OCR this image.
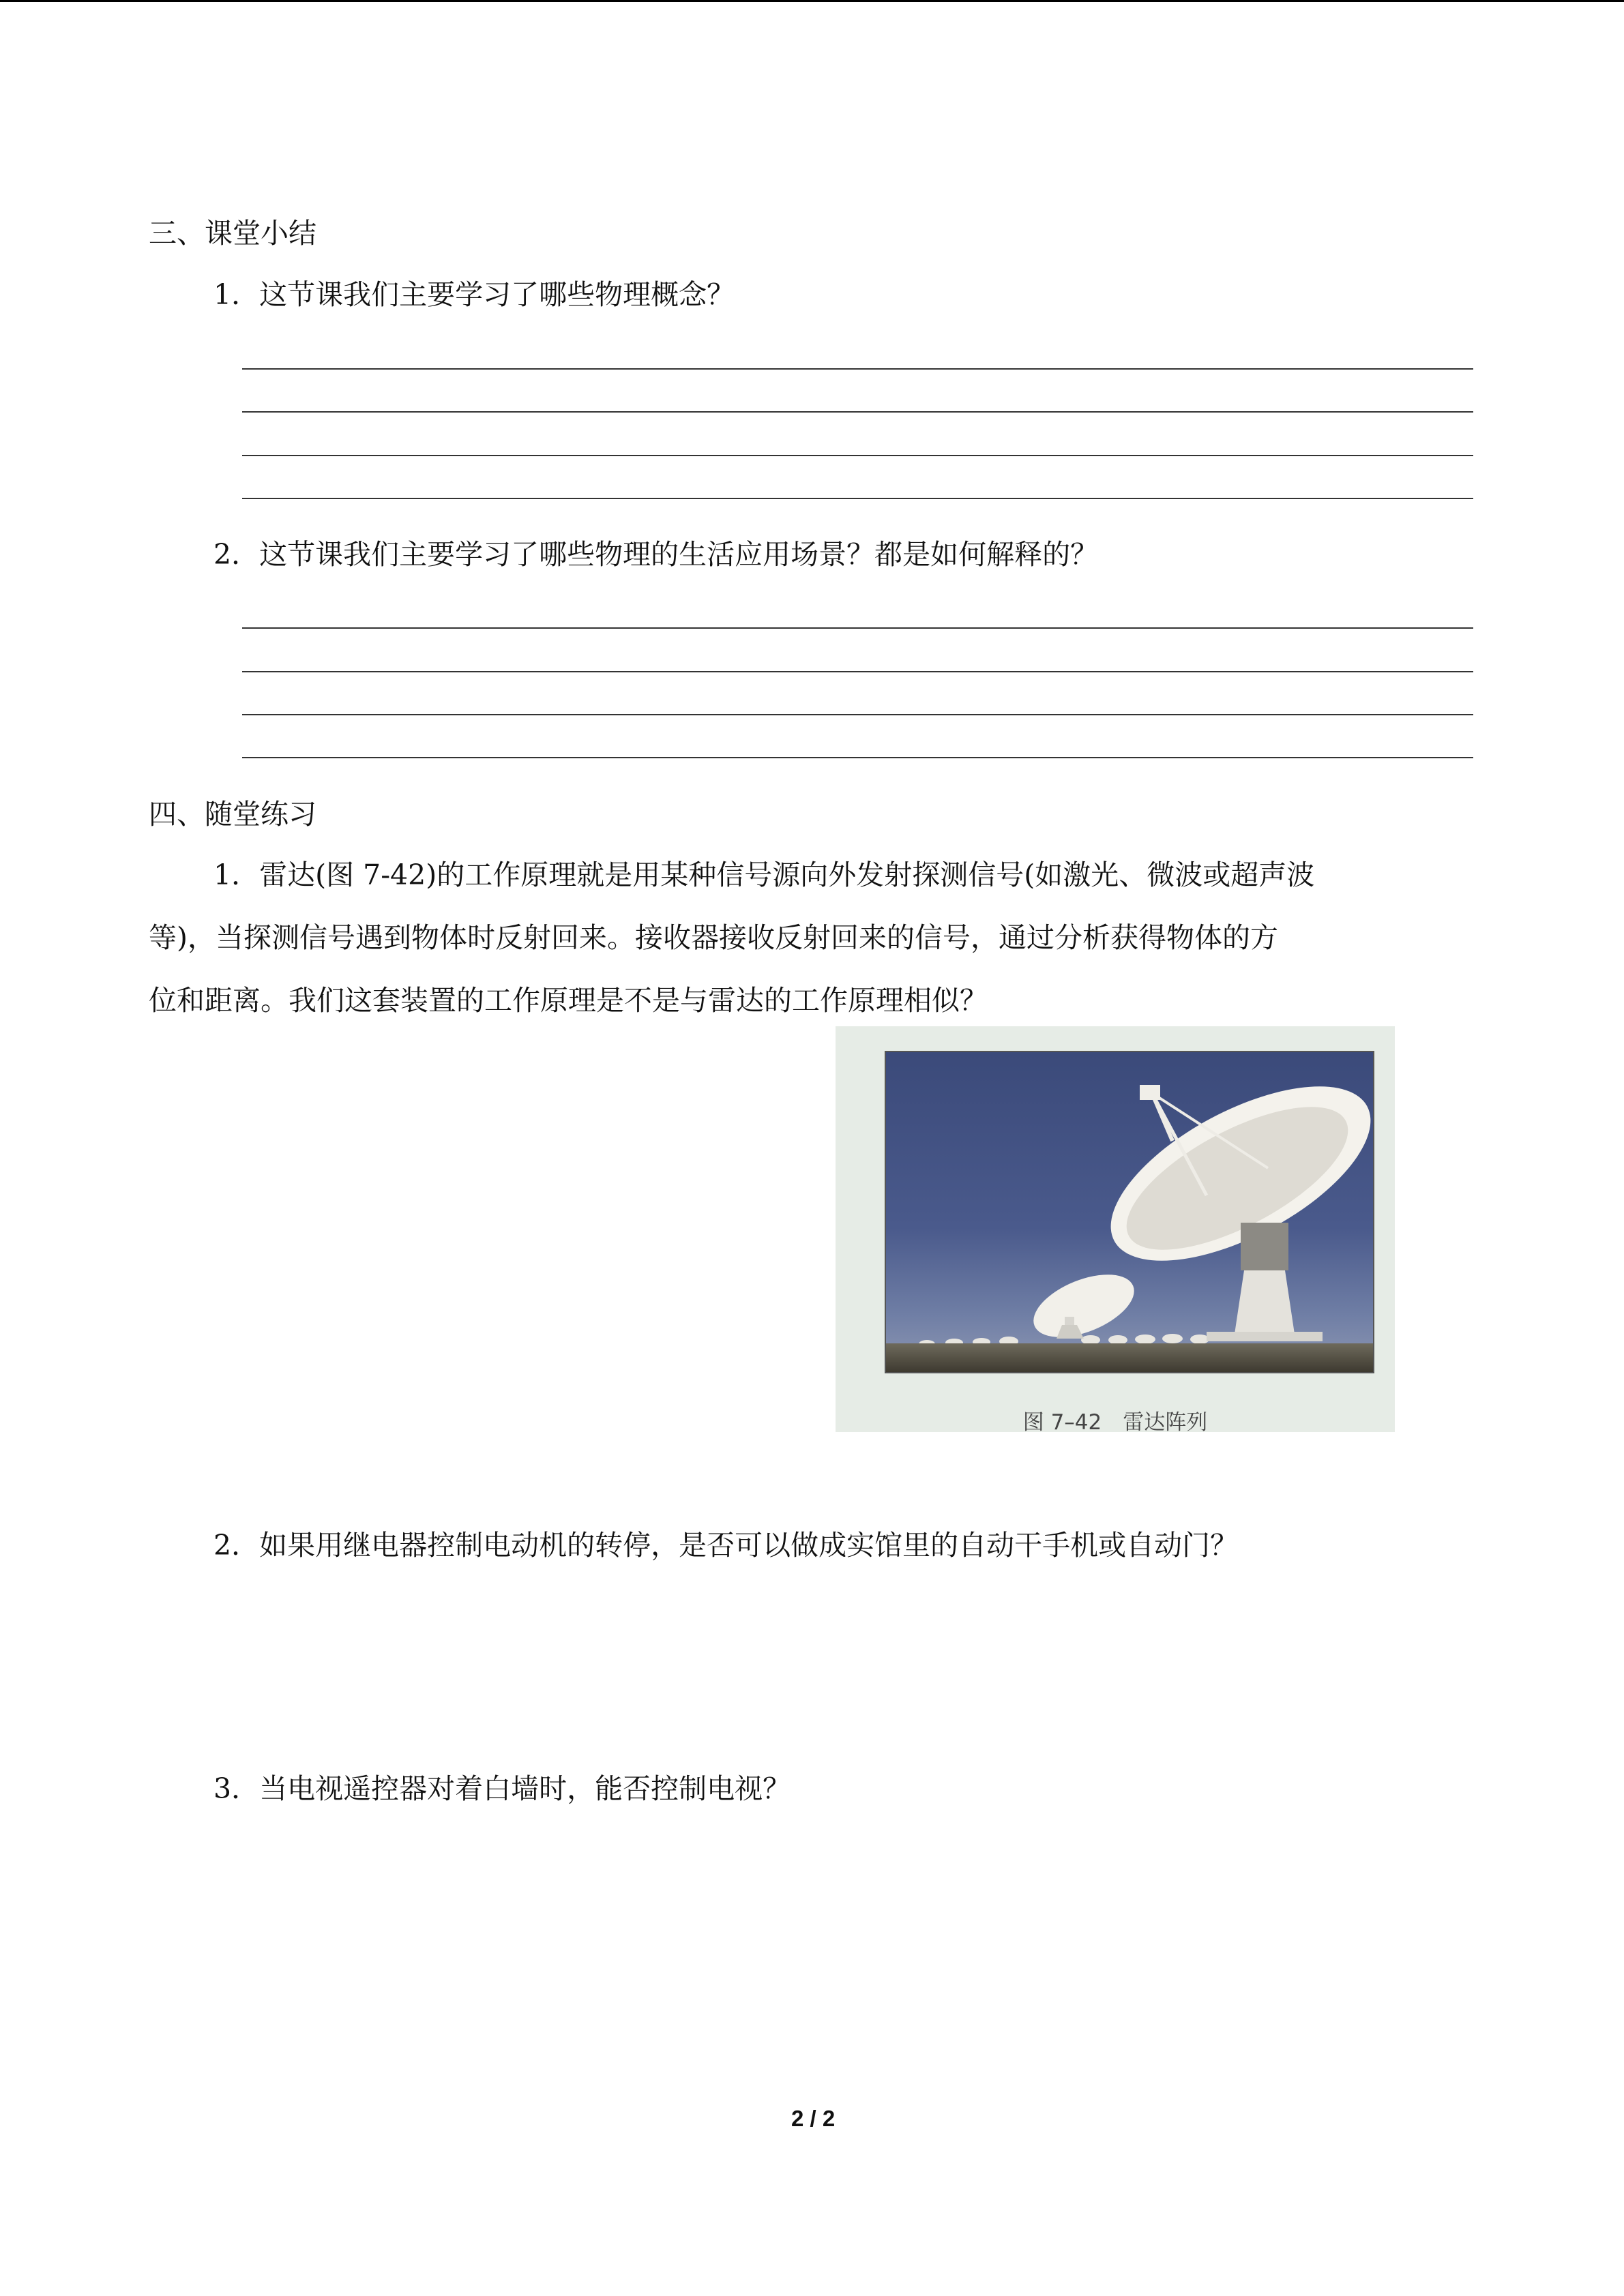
三、课堂小结
1．这节课我们主要学习了哪些物理概念？
2．这节课我们主要学习了哪些物理的生活应用场景？都是如何解释的？
四、随堂练习
1．雷达(图 7-42)的工作原理就是用某种信号源向外发射探测信号(如激光、微波或超声波
等)，当探测信号遇到物体时反射回来。接收器接收反射回来的信号，通过分析获得物体的方
位和距离。我们这套装置的工作原理是不是与雷达的工作原理相似？
图 7–42　雷达阵列
2．如果用继电器控制电动机的转停，是否可以做成实馆里的自动干手机或自动门？
3．当电视遥控器对着白墙时，能否控制电视？
2 / 2
